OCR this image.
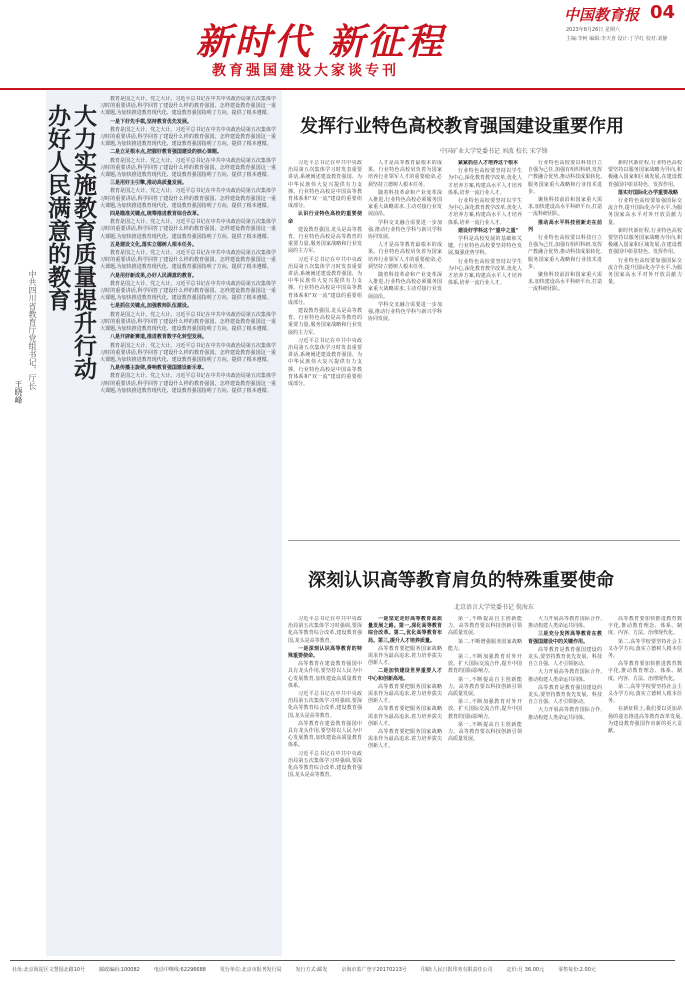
新时代 新征程
教育强国建设大家谈专刊
中国教育报 04
2023年8月26日 星期六
主编:李柯 编辑:李天喜 设计:丁学红 校对:刘静
大力实施教育质量提升行动
办好人民满意的教育
中共四川省教育厅党组书记、厅长
王晓峰

教育是国之大计、党之大计。习近平总书记在中共中央政治局第五次集体学习时的重要讲话,科学回答了建设什么样的教育强国、怎样建设教育强国这一重大课题,为加快推进教育现代化、建设教育强国指明了方向、提供了根本遵循。

一是下好先手棋,坚持教育优先发展。

教育是国之大计、党之大计。习近平总书记在中共中央政治局第五次集体学习时的重要讲话,科学回答了建设什么样的教育强国、怎样建设教育强国这一重大课题,为加快推进教育现代化、建设教育强国指明了方向、提供了根本遵循。

二是立足根本点,把握好教育强国建设的核心课题。

教育是国之大计、党之大计。习近平总书记在中共中央政治局第五次集体学习时的重要讲话,科学回答了建设什么样的教育强国、怎样建设教育强国这一重大课题,为加快推进教育现代化、建设教育强国指明了方向、提供了根本遵循。

三是用好主引擎,推动高质量发展。

教育是国之大计、党之大计。习近平总书记在中共中央政治局第五次集体学习时的重要讲话,科学回答了建设什么样的教育强国、怎样建设教育强国这一重大课题,为加快推进教育现代化、建设教育强国指明了方向、提供了根本遵循。

四是瞄准关键点,统筹推进教育综合改革。

教育是国之大计、党之大计。习近平总书记在中共中央政治局第五次集体学习时的重要讲话,科学回答了建设什么样的教育强国、怎样建设教育强国这一重大课题,为加快推进教育现代化、建设教育强国指明了方向、提供了根本遵循。

五是建设文化,落实立德树人根本任务。

教育是国之大计、党之大计。习近平总书记在中共中央政治局第五次集体学习时的重要讲话,科学回答了建设什么样的教育强国、怎样建设教育强国这一重大课题,为加快推进教育现代化、建设教育强国指明了方向、提供了根本遵循。

六是用好新成果,办好人民满意的教育。

教育是国之大计、党之大计。习近平总书记在中共中央政治局第五次集体学习时的重要讲话,科学回答了建设什么样的教育强国、怎样建设教育强国这一重大课题,为加快推进教育现代化、建设教育强国指明了方向、提供了根本遵循。

七是抓住关键点,加强教师队伍建设。

教育是国之大计、党之大计。习近平总书记在中共中央政治局第五次集体学习时的重要讲话,科学回答了建设什么样的教育强国、怎样建设教育强国这一重大课题,为加快推进教育现代化、建设教育强国指明了方向、提供了根本遵循。

八是开辟新赛道,推进教育数字化转型发展。

教育是国之大计、党之大计。习近平总书记在中共中央政治局第五次集体学习时的重要讲话,科学回答了建设什么样的教育强国、怎样建设教育强国这一重大课题,为加快推进教育现代化、建设教育强国指明了方向、提供了根本遵循。

九是传播主旋律,奏响教育强国建设新乐章。

教育是国之大计、党之大计。习近平总书记在中共中央政治局第五次集体学习时的重要讲话,科学回答了建设什么样的教育强国、怎样建设教育强国这一重大课题,为加快推进教育现代化、建设教育强国指明了方向、提供了根本遵循。

发挥行业特色高校教育强国建设重要作用
中国矿业大学党委书记 刘波 校长 宋学锋

习近平总书记在中共中央政治局第五次集体学习时发表重要讲话,系统阐述建设教育强国、为中华民族伟大复兴提供有力支撑。行业特色高校是中国高等教育体系和"双一流"建设的重要组成部分。

认识行业特色高校的重要使命

建设教育强国,龙头是高等教育。行业特色高校是高等教育的重要力量,服务国家战略和行业发展的主力军。

习近平总书记在中共中央政治局第五次集体学习时发表重要讲话,系统阐述建设教育强国、为中华民族伟大复兴提供有力支撑。行业特色高校是中国高等教育体系和"双一流"建设的重要组成部分。

建设教育强国,龙头是高等教育。行业特色高校是高等教育的重要力量,服务国家战略和行业发展的主力军。

习近平总书记在中共中央政治局第五次集体学习时发表重要讲话,系统阐述建设教育强国、为中华民族伟大复兴提供有力支撑。行业特色高校是中国高等教育体系和"双一流"建设的重要组成部分。

人才是高等教育最根本的成果。行业特色高校肩负着为国家培养行业领军人才的重要使命,必须坚持立德树人根本任务。

随着科技革命和产业变革深入推进,行业特色高校必须服务国家重大战略需求,主动对接行业发展前沿。

学科交叉融合需要进一步加强,推动行业特色学科与新兴学科协同发展。

人才是高等教育最根本的成果。行业特色高校肩负着为国家培养行业领军人才的重要使命,必须坚持立德树人根本任务。

随着科技革命和产业变革深入推进,行业特色高校必须服务国家重大战略需求,主动对接行业发展前沿。

学科交叉融合需要进一步加强,推动行业特色学科与新兴学科协同发展。

紧紧抓住人才培养这个根本

行业特色高校要坚持以学生为中心,深化教育教学改革,优化人才培养方案,构建高水平人才培养体系,培养一流行业人才。

行业特色高校要坚持以学生为中心,深化教育教学改革,优化人才培养方案,构建高水平人才培养体系,培养一流行业人才。

建设好学科这个"重中之重"

学科是高校发展的基础和关键。行业特色高校要坚持特色发展,做强优势学科。

行业特色高校要坚持以学生为中心,深化教育教学改革,优化人才培养方案,构建高水平人才培养体系,培养一流行业人才。

行业特色高校要以科技自立自强为己任,加强有组织科研,发挥产教融合优势,推动科技成果转化,服务国家重大战略和行业技术进步。

聚焦科技前沿和国家重大需求,加快建设高水平科研平台,打造一流科研团队。

推动高水平科技创新走在前列

行业特色高校要以科技自立自强为己任,加强有组织科研,发挥产教融合优势,推动科技成果转化,服务国家重大战略和行业技术进步。

聚焦科技前沿和国家重大需求,加快建设高水平科研平台,打造一流科研团队。

新时代新征程,行业特色高校要坚持以服务国家战略为导向,积极融入国家和区域发展,在建设教育强国中彰显特色、发挥作用。

落实好国际化办学重要战略

行业特色高校要加强国际交流合作,提升国际化办学水平,为服务国家高水平对外开放贡献力量。

新时代新征程,行业特色高校要坚持以服务国家战略为导向,积极融入国家和区域发展,在建设教育强国中彰显特色、发挥作用。

行业特色高校要加强国际交流合作,提升国际化办学水平,为服务国家高水平对外开放贡献力量。

深刻认识高等教育肩负的特殊重要使命
北京语言大学党委书记 倪海东

习近平总书记在中共中央政治局第五次集体学习时强调,要深化高等教育综合改革,建设教育强国,龙头是高等教育。

一是深刻认识高等教育的特殊重要使命。

高等教育在建设教育强国中具有龙头作用,要坚持以人民为中心发展教育,加快建设高质量教育体系。

习近平总书记在中共中央政治局第五次集体学习时强调,要深化高等教育综合改革,建设教育强国,龙头是高等教育。

高等教育在建设教育强国中具有龙头作用,要坚持以人民为中心发展教育,加快建设高质量教育体系。

习近平总书记在中共中央政治局第五次集体学习时强调,要深化高等教育综合改革,建设教育强国,龙头是高等教育。

一是坚定走好高等教育高质量发展之路。第一,深化高等教育综合改革。第二,优化高等教育布局。第三,提升人才培养质量。

高等教育要把服务国家战略需求作为最高追求,着力培养拔尖创新人才。

二是加快建设世界重要人才中心和创新高地。

高等教育要把服务国家战略需求作为最高追求,着力培养拔尖创新人才。

高等教育要把服务国家战略需求作为最高追求,着力培养拔尖创新人才。

高等教育要把服务国家战略需求作为最高追求,着力培养拔尖创新人才。

第一,不断提高自主创新能力。高等教育要以科技创新引领高质量发展。

第二,不断增强服务国家战略能力。

第三,不断加强教育对外开放。扩大国际交流合作,提升中国教育的国际影响力。

第一,不断提高自主创新能力。高等教育要以科技创新引领高质量发展。

第三,不断加强教育对外开放。扩大国际交流合作,提升中国教育的国际影响力。

第一,不断提高自主创新能力。高等教育要以科技创新引领高质量发展。

大力开展高等教育国际合作,推动构建人类命运共同体。

三是充分发挥高等教育在教育强国建设中的关键作用。

高等教育是教育强国建设的龙头,要坚持教育优先发展、科技自立自强、人才引领驱动。

大力开展高等教育国际合作,推动构建人类命运共同体。

高等教育是教育强国建设的龙头,要坚持教育优先发展、科技自立自强、人才引领驱动。

大力开展高等教育国际合作,推动构建人类命运共同体。

高等教育要加快推进教育数字化,推动教育理念、体系、制度、内容、方法、治理现代化。

第二,高等学校要坚持社会主义办学方向,落实立德树人根本任务。

高等教育要加快推进教育数字化,推动教育理念、体系、制度、内容、方法、治理现代化。

第二,高等学校要坚持社会主义办学方向,落实立德树人根本任务。

在新征程上,我们要以更加昂扬的姿态推进高等教育改革发展,为建设教育强国作出新的更大贡献。

社址:北京海淀区文慧园北路10号	邮政编码:100082	电话中继线:62296688	发行单位:北京市报刊发行局	发行方式:邮发	京海市监广登字20170213号	印刷:人民日报印务有限责任公司	定价:月 36.00元	零售每份:2.00元
